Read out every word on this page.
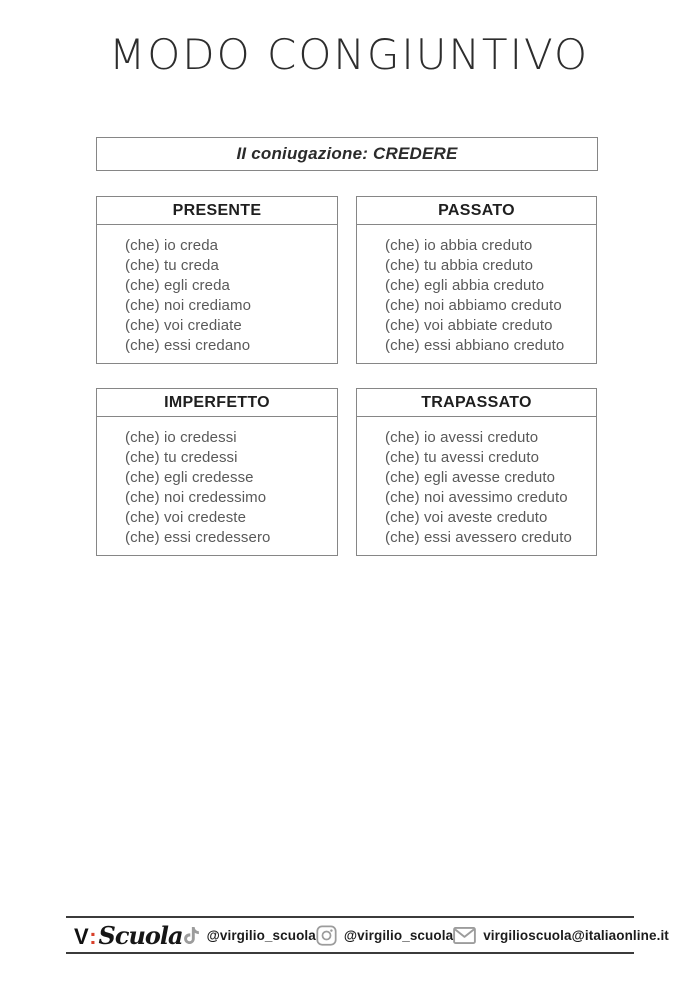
MODO CONGIUNTIVO
II coniugazione: CREDERE
PRESENTE
(che) io creda
(che) tu creda
(che) egli creda
(che) noi crediamo
(che) voi crediate
(che) essi credano
PASSATO
(che) io abbia creduto
(che) tu abbia creduto
(che) egli abbia creduto
(che) noi abbiamo creduto
(che) voi abbiate creduto
(che) essi abbiano creduto
IMPERFETTO
(che) io credessi
(che) tu credessi
(che) egli credesse
(che) noi credessimo
(che) voi credeste
(che) essi credessero
TRAPASSATO
(che) io avessi creduto
(che) tu avessi creduto
(che) egli avesse creduto
(che) noi avessimo creduto
(che) voi aveste creduto
(che) essi avessero creduto
V : Scuola @virgilio_scuola @virgilio_scuola virgilioscuola@italiaonline.it
